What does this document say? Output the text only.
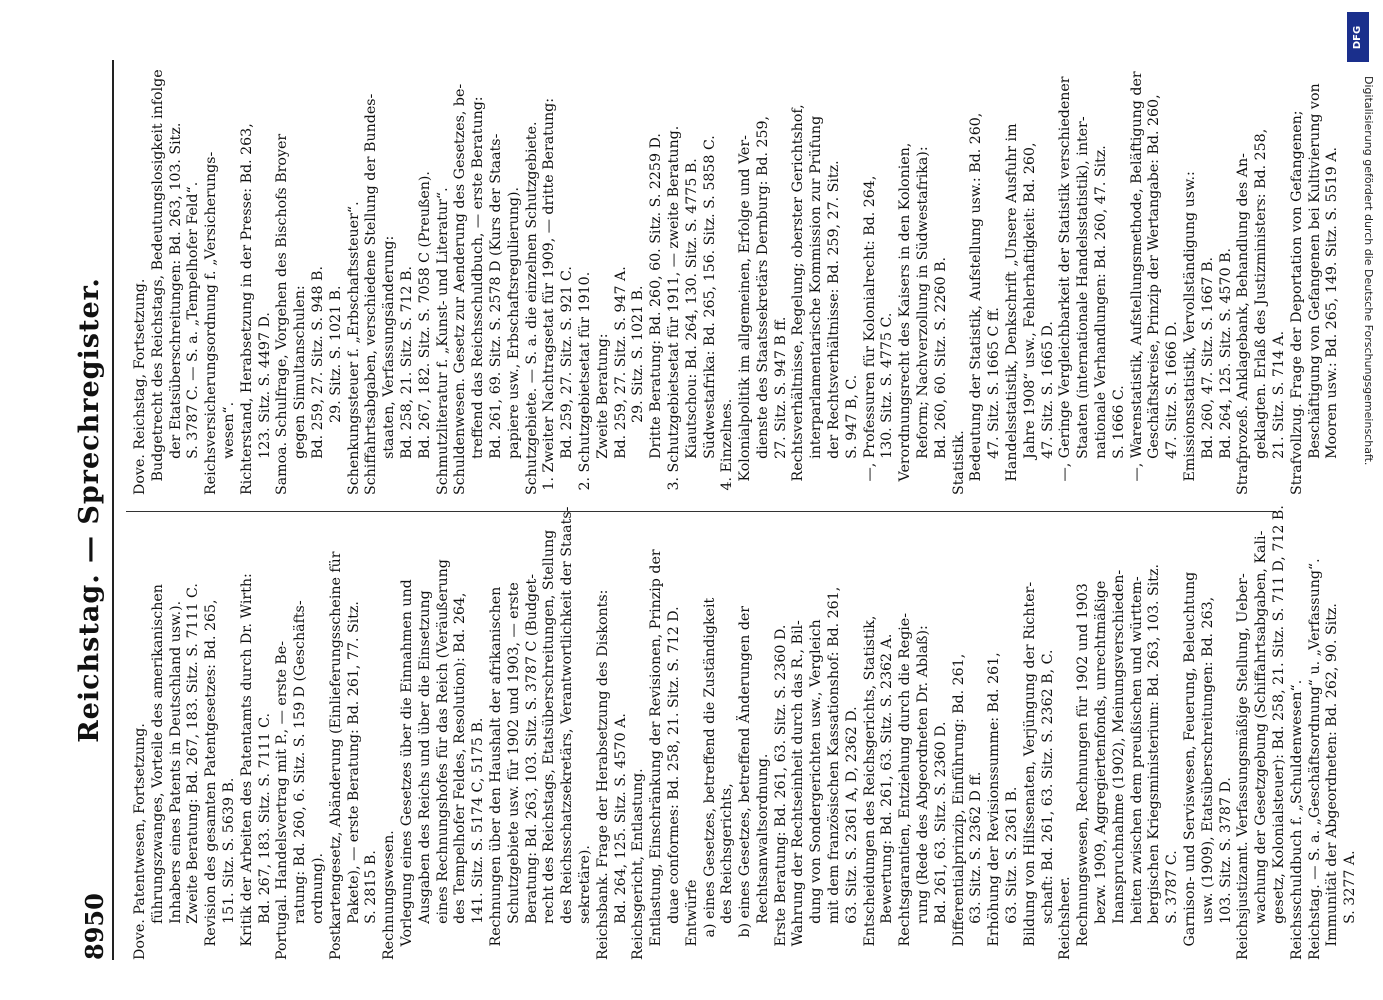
8950
Reichstag. — Sprechregister.
Dove. Patentwesen, Fortsetzung. führungszwanges, Vorteile des amerikanischen Inhabers eines Patents in Deutschland usw.). Zweite Beratung: Bd. 267, 183. Sitz. S. 7111 C. Revision des gesamten Patentgesetzes: Bd. 265, 151. Sitz. S. 5639 B. Kritik der Arbeiten des Patentamts durch Dr. Wirth: Bd. 267, 183. Sitz. S. 7111 C. Portugal. Handelsvertrag mit P., — erste Be- ratung: Bd. 260, 6. Sitz. S. 159 D (Geschäfts- ordnung). Postkartengesetz, Abänderung (Einlieferungsscheine für Pakete), — erste Beratung: Bd. 261, 77. Sitz. S. 2815 B. Rechnungswesen. Vorlegung eines Gesetzes über die Einnahmen und Ausgaben des Reichs und über die Einsetzung eines Rechnungshofes für das Reich (Veräußerung des Tempelhofer Feldes, Resolution): Bd. 264, 141. Sitz. S. 5174 C, 5175 B. Rechnungen über den Haushalt der afrikanischen Schutzgebiete usw. für 1902 und 1903, — erste Beratung: Bd. 263, 103. Sitz. S. 3787 C (Budget- recht des Reichstags, Etatsüberschreitungen, Stellung des Reichsschatzsekretärs, Verantwortlichkeit der Staats- sekretäre). Reichsbank. Frage der Herabsetzung des Diskonts: Bd. 264, 125. Sitz. S. 4570 A. Reichsgericht, Entlastung. Entlastung, Einschränkung der Revisionen, Prinzip der duae conformes: Bd. 258, 21. Sitz. S. 712 D. Entwürfe a) eines Gesetzes, betreffend die Zuständigkeit des Reichsgerichts, b) eines Gesetzes, betreffend Änderungen der Rechtsanwaltsordnung. Erste Beratung: Bd. 261, 63. Sitz. S. 2360 D. Wahrung der Rechtseinheit durch das R., Bil- dung von Sondergerichten usw., Vergleich mit dem französischen Kassationshof: Bd. 261, 63. Sitz. S. 2361 A, D, 2362 D. Entscheidungen des Reichsgerichts, Statistik, Bewertung: Bd. 261, 63. Sitz. S. 2362 A. Rechtsgarantien, Entziehung durch die Regie- rung (Rede des Abgeordneten Dr. Ablaß): Bd. 261, 63. Sitz. S. 2360 D. Differentialprinzip, Einführung: Bd. 261, 63. Sitz. S. 2362 D ff. Erhöhung der Revisionssumme: Bd. 261, 63. Sitz. S. 2361 B. Bildung von Hilfssenaten, Verjüngung der Richter- schaft: Bd. 261, 63. Sitz. S. 2362 B, C. Reichsheer. Rechnungswesen, Rechnungen für 1902 und 1903 bezw. 1909, Aggregiertenfonds, unrechtmäßige Inanspruchnahme (1902), Meinungsverschieden- heiten zwischen dem preußischen und württem- bergischen Kriegsministerium: Bd. 263, 103. Sitz. S. 3787 C. Garnison- und Serviswesen, Feuerung, Beleuchtung usw. (1909), Etatsüberschreitungen: Bd. 263, 103. Sitz. S. 3787 D. Reichsjustizamt. Verfassungsmäßige Stellung, Ueber- wachung der Gesetzgebung (Schiffahrtsabgaben, Kali- gesetz, Kolonialsteuer): Bd. 258, 21. Sitz. S. 711 D, 712 B. Reichsschuldbuch f. „Schuldenwesen“. Reichstag. — S. a. „Geschäftsordnung“ u. „Verfassung“. Immunität der Abgeordneten: Bd. 262, 90. Sitz. S. 3277 A.
Dove. Reichstag, Fortsetzung. Budgetrecht des Reichstags, Bedeutungslosigkeit infolge der Etatsüberschreitungen: Bd. 263, 103. Sitz. S. 3787 C. — S. a. „Tempelhofer Feld“. Reichsversicherungsordnung f. „Versicherungs- wesen“. Richterstand, Herabsetzung in der Presse: Bd. 263, 123. Sitz. S. 4497 D. Samoa. Schulfrage, Vorgehen des Bischofs Broyer gegen Simultanschulen: Bd. 259, 27. Sitz. S. 948 B. 29. Sitz. S. 1021 B. Schenkungssteuer f. „Erbschaftssteuer“. Schiffahrtsabgaben, verschiedene Stellung der Bundes- staaten, Verfassungsänderung: Bd. 258, 21. Sitz. S. 712 B. Bd. 267, 182. Sitz. S. 7058 C (Preußen). Schmutzliteratur f. „Kunst- und Literatur“. Schuldenwesen. Gesetz zur Aenderung des Gesetzes, be- treffend das Reichsschuldbuch, — erste Beratung: Bd. 261, 69. Sitz. S. 2578 D (Kurs der Staats- papiere usw., Erbschaftsregulierung). Schutzgebiete. — S. a. die einzelnen Schutzgebiete. 1. Zweiter Nachtragsetat für 1909, — dritte Beratung: Bd. 259, 27. Sitz. S. 921 C. 2. Schutzgebietsetat für 1910. Zweite Beratung: Bd. 259, 27. Sitz. S. 947 A. 29. Sitz. S. 1021 B. Dritte Beratung: Bd. 260, 60. Sitz. S. 2259 D. 3. Schutzgebietsetat für 1911, — zweite Beratung. Kiautschou: Bd. 264, 130. Sitz. S. 4775 B. Südwestafrika: Bd. 265, 156. Sitz. S. 5858 C. 4. Einzelnes. Kolonialpolitik im allgemeinen, Erfolge und Ver- dienste des Staatssekretärs Dernburg: Bd. 259, 27. Sitz. S. 947 B ff. Rechtsverhältnisse, Regelung; oberster Gerichtshof, interparlamentarische Kommission zur Prüfung der Rechtsverhältnisse: Bd. 259, 27. Sitz. S. 947 B, C. —, Professuren für Kolonialrecht: Bd. 264, 130. Sitz. S. 4775 C. Verordnungsrecht des Kaisers in den Kolonien, Reform; Nachverzollung in Südwestafrika): Bd. 260, 60. Sitz. S. 2260 B. Statistik. Bedeutung der Statistik, Aufstellung usw.: Bd. 260, 47. Sitz. S. 1665 C ff. Handelsstatistik, Denkschrift „Unsere Ausfuhr im Jahre 1908“ usw., Fehlerhaftigkeit: Bd. 260, 47. Sitz. S. 1665 D. —, Geringe Vergleichbarkeit der Statistik verschiedener Staaten (internationale Handelsstatistik), inter- nationale Verhandlungen: Bd. 260, 47. Sitz. S. 1666 C. —, Warenstatistik, Aufstellungsmethode, Beläftigung der Geschäftskreise, Prinzip der Wertangabe: Bd. 260, 47. Sitz. S. 1666 D. Emissionsstatistik, Vervollständigung usw.: Bd. 260, 47. Sitz. S. 1667 B. Bd. 264, 125. Sitz. S. 4570 B. Strafprozeß. Anklagebank, Behandlung des An- geklagten. Erlaß des Justizministers: Bd. 258, 21. Sitz. S. 714 A. Strafvollzug. Frage der Deportation von Gefangenen; Beschäftigung von Gefangenen bei Kultivierung von Mooren usw.: Bd. 265, 149. Sitz. S. 5519 A.
DFG
Digitalisierung gefördert durch die Deutsche Forschungsgemeinschaft.
